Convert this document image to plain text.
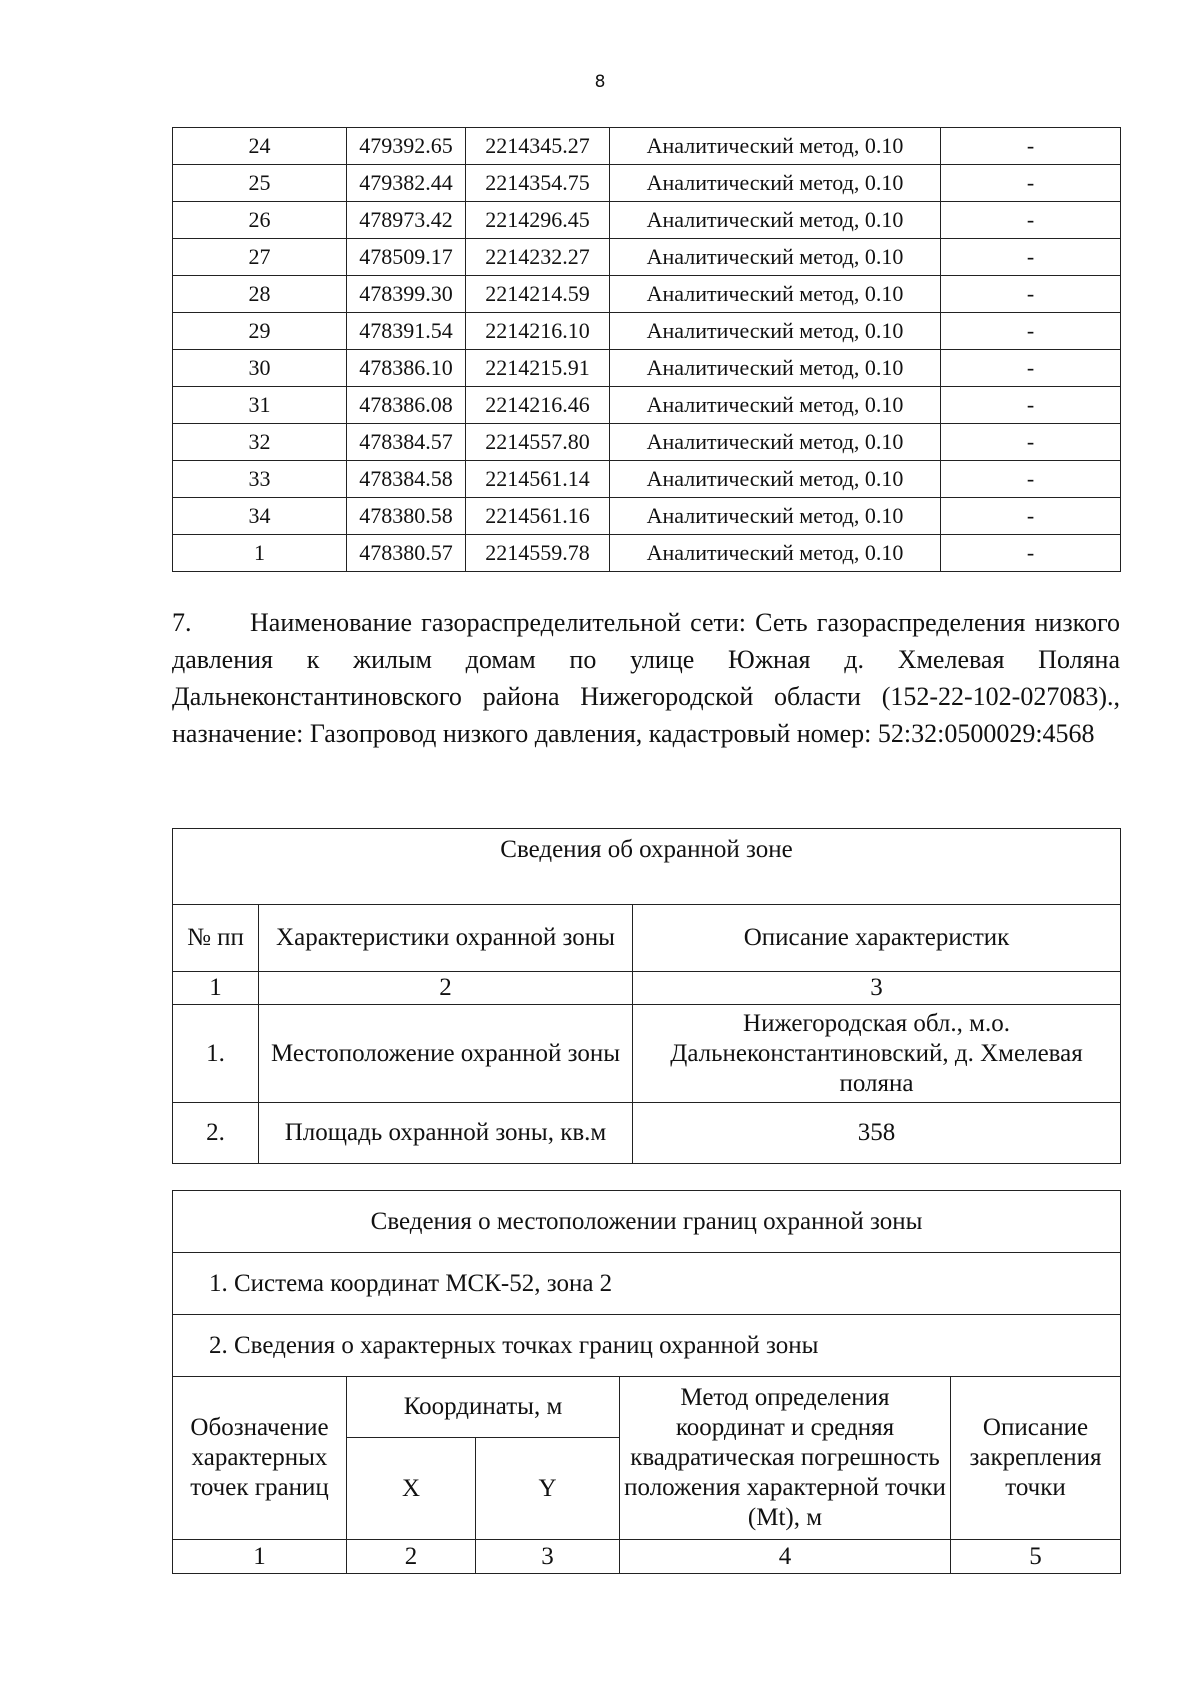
8
24	479392.65	2214345.27	Аналитический метод, 0.10	-
25	479382.44	2214354.75	Аналитический метод, 0.10	-
26	478973.42	2214296.45	Аналитический метод, 0.10	-
27	478509.17	2214232.27	Аналитический метод, 0.10	-
28	478399.30	2214214.59	Аналитический метод, 0.10	-
29	478391.54	2214216.10	Аналитический метод, 0.10	-
30	478386.10	2214215.91	Аналитический метод, 0.10	-
31	478386.08	2214216.46	Аналитический метод, 0.10	-
32	478384.57	2214557.80	Аналитический метод, 0.10	-
33	478384.58	2214561.14	Аналитический метод, 0.10	-
34	478380.58	2214561.16	Аналитический метод, 0.10	-
1	478380.57	2214559.78	Аналитический метод, 0.10	-

7. Наименование газораспределительной сети: Сеть газораспределения низкого давления к жилым домам по улице Южная д. Хмелевая Поляна Дальнеконстантиновского района Нижегородской области (152-22-102-027083)., назначение: Газопровод низкого давления, кадастровый номер: 52:32:0500029:4568

Сведения об охранной зоне		
№ пп	Характеристики охранной зоны	Описание характеристик
1	2	3
1.	Местоположение охранной зоны	Нижегородская обл., м.о. Дальнеконстантиновский, д. Хмелевая поляна
2.	Площадь охранной зоны, кв.м	358
Сведения о местоположении границ охранной зоны				
1. Система координат МСК-52, зона 2				
2. Сведения о характерных точках границ охранной зоны				
Обозначение характерных точек границ	Координаты, м		Метод определения координат и средняя квадратическая погрешность положения характерной точки (Mt), м	Описание закрепления точки
	X	Y		
1	2	3	4	5
